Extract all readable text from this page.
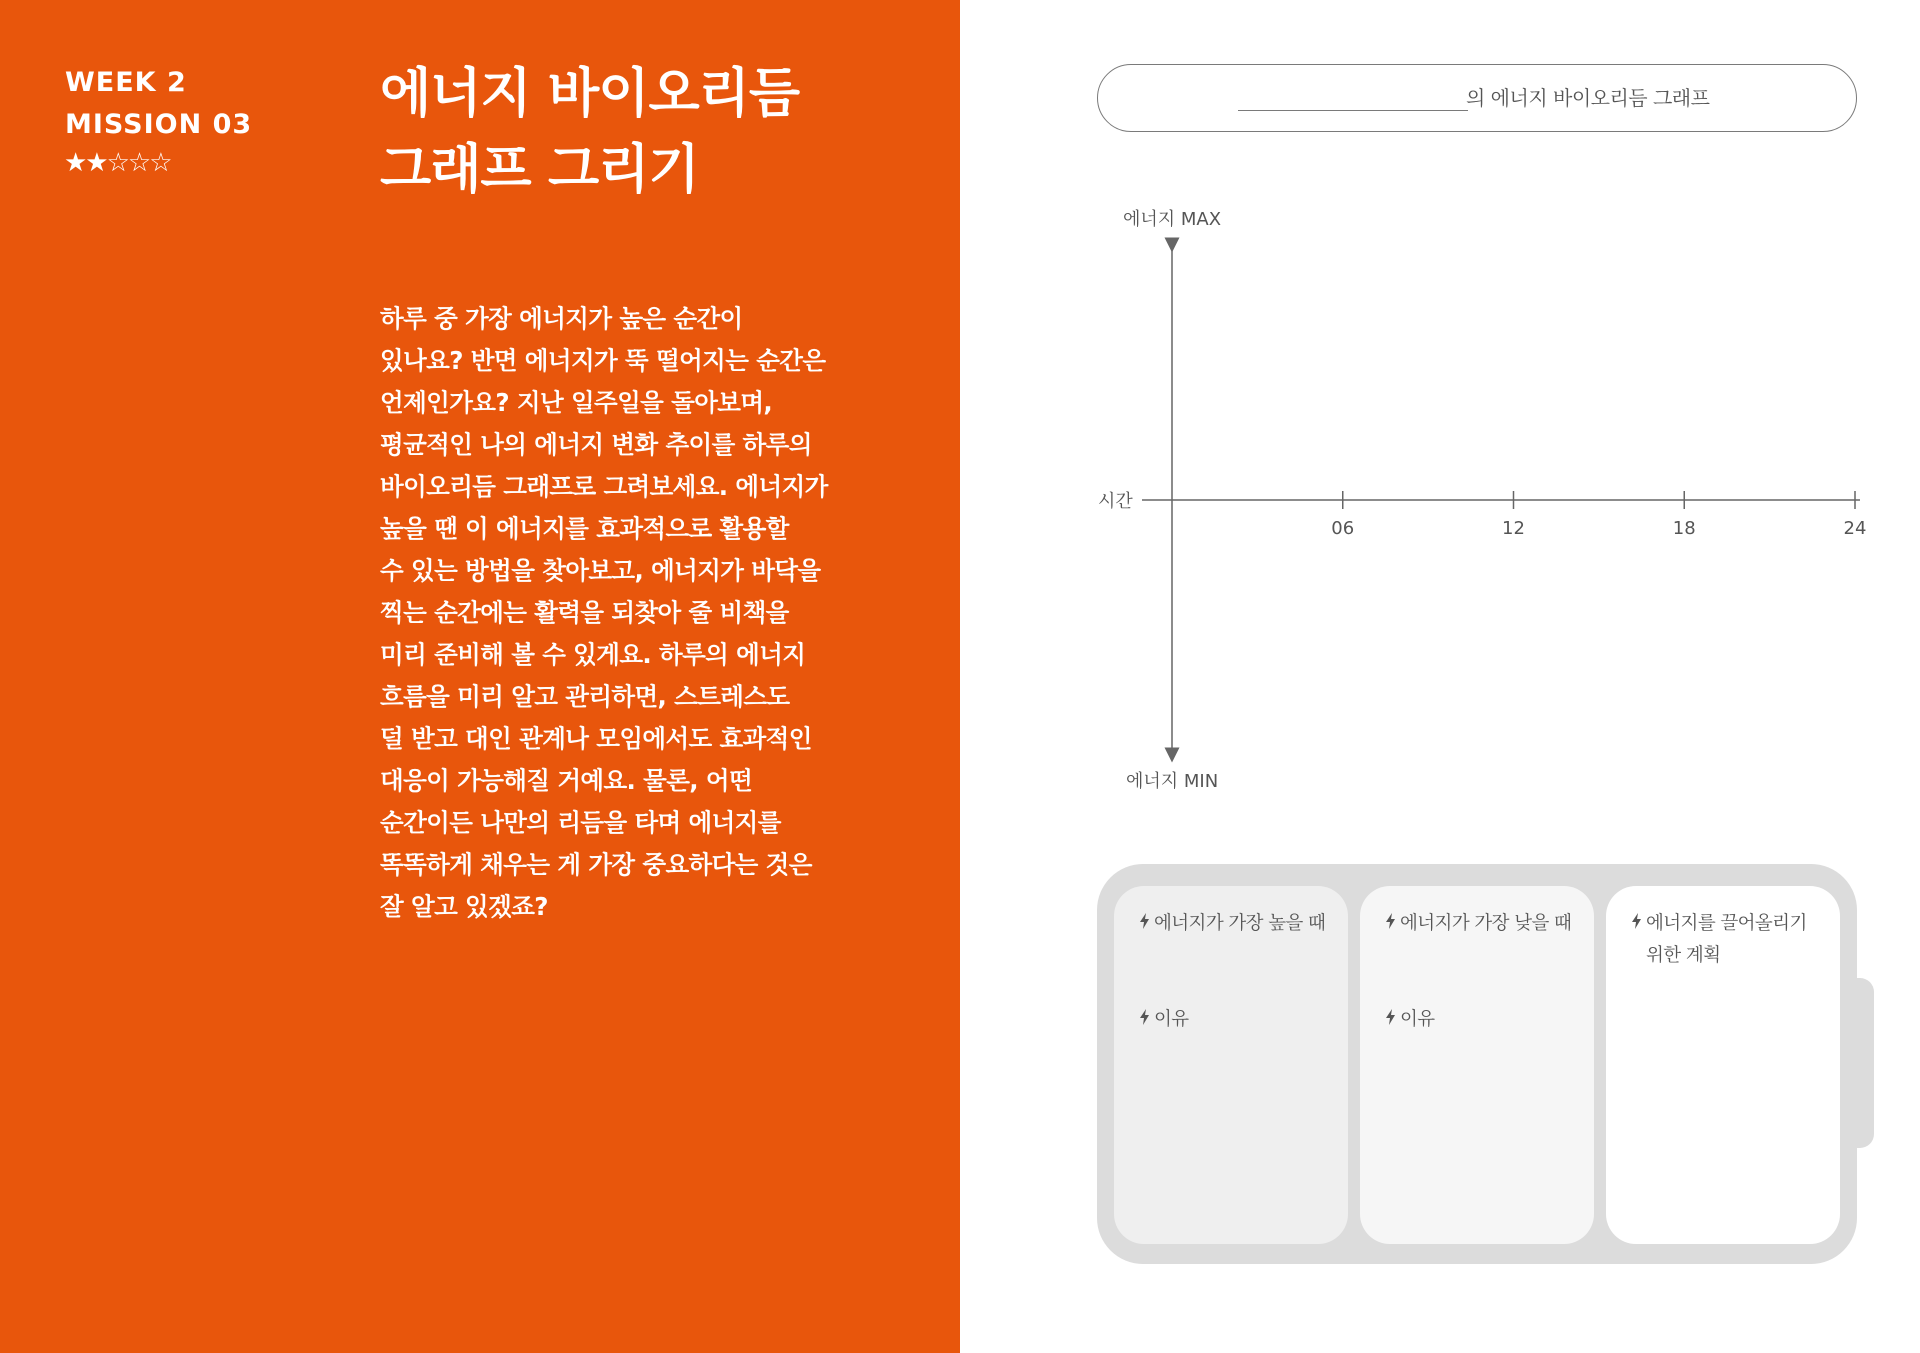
WEEK 2
MISSION 03
★★☆☆☆
에너지 바이오리듬
그래프 그리기
하루 중 가장 에너지가 높은 순간이
있나요? 반면 에너지가 뚝 떨어지는 순간은
언제인가요? 지난 일주일을 돌아보며,
평균적인 나의 에너지 변화 추이를 하루의
바이오리듬 그래프로 그려보세요. 에너지가
높을 땐 이 에너지를 효과적으로 활용할
수 있는 방법을 찾아보고, 에너지가 바닥을
찍는 순간에는 활력을 되찾아 줄 비책을
미리 준비해 볼 수 있게요. 하루의 에너지
흐름을 미리 알고 관리하면, 스트레스도
덜 받고 대인 관계나 모임에서도 효과적인
대응이 가능해질 거예요. 물론, 어떤
순간이든 나만의 리듬을 타며 에너지를
똑똑하게 채우는 게 가장 중요하다는 것은
잘 알고 있겠죠?
의 에너지 바이오리듬 그래프
에너지 MAX
에너지 MIN
시간
06	12	18	24
에너지가 가장 높을 때
이유
에너지가 가장 낮을 때
이유
에너지를 끌어올리기
위한 계획
